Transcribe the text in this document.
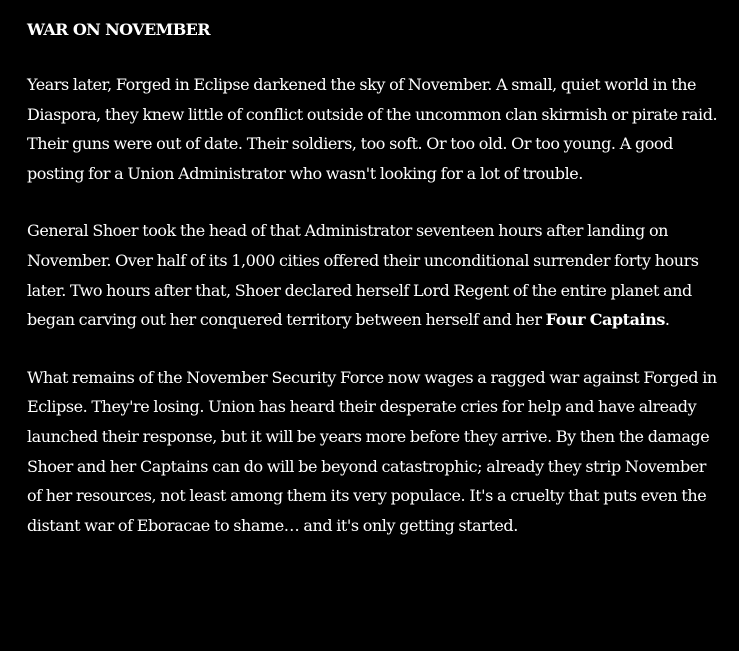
WAR ON NOVEMBER

Years later, Forged in Eclipse darkened the sky of November. A small, quiet world in the Diaspora, they knew little of conflict outside of the uncommon clan skirmish or pirate raid. Their guns were out of date. Their soldiers, too soft. Or too old. Or too young. A good posting for a Union Administrator who wasn't looking for a lot of trouble.

General Shoer took the head of that Administrator seventeen hours after landing on November. Over half of its 1,000 cities offered their unconditional surrender forty hours later. Two hours after that, Shoer declared herself Lord Regent of the entire planet and began carving out her conquered territory between herself and her Four Captains.

What remains of the November Security Force now wages a ragged war against Forged in Eclipse. They're losing. Union has heard their desperate cries for help and have already launched their response, but it will be years more before they arrive. By then the damage Shoer and her Captains can do will be beyond catastrophic; already they strip November of her resources, not least among them its very populace. It's a cruelty that puts even the distant war of Eboracae to shame… and it's only getting started.
